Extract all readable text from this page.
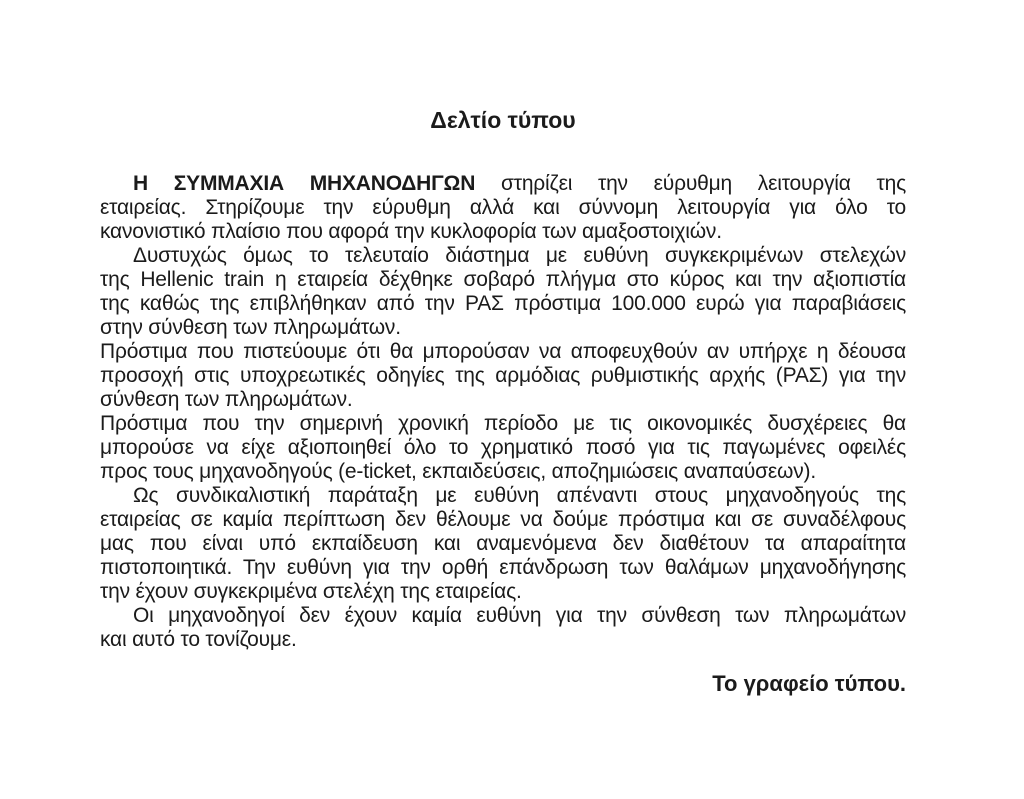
Δελτίο τύπου
Η ΣΥΜΜΑΧΙΑ ΜΗΧΑΝΟΔΗΓΩΝ στηρίζει την εύρυθμη λειτουργία της
εταιρείας. Στηρίζουμε την εύρυθμη αλλά και σύννομη λειτουργία για όλο το
κανονιστικό πλαίσιο που αφορά την κυκλοφορία των αμαξοστοιχιών.
Δυστυχώς όμως το τελευταίο διάστημα με ευθύνη συγκεκριμένων στελεχών
της Hellenic train η εταιρεία δέχθηκε σοβαρό πλήγμα στο κύρος και την αξιοπιστία
της καθώς της επιβλήθηκαν από την ΡΑΣ πρόστιμα 100.000 ευρώ για παραβιάσεις
στην σύνθεση των πληρωμάτων.
Πρόστιμα που πιστεύουμε ότι θα μπορούσαν να αποφευχθούν αν υπήρχε η δέουσα
προσοχή στις υποχρεωτικές οδηγίες της αρμόδιας ρυθμιστικής αρχής (ΡΑΣ) για την
σύνθεση των πληρωμάτων.
Πρόστιμα που την σημερινή χρονική περίοδο με τις οικονομικές δυσχέρειες θα
μπορούσε να είχε αξιοποιηθεί όλο το χρηματικό ποσό για τις παγωμένες οφειλές
προς τους μηχανοδηγούς (e-ticket, εκπαιδεύσεις, αποζημιώσεις αναπαύσεων).
Ως συνδικαλιστική παράταξη με ευθύνη απέναντι στους μηχανοδηγούς της
εταιρείας σε καμία περίπτωση δεν θέλουμε να δούμε πρόστιμα και σε συναδέλφους
μας που είναι υπό εκπαίδευση και αναμενόμενα δεν διαθέτουν τα απαραίτητα
πιστοποιητικά. Την ευθύνη για την ορθή επάνδρωση των θαλάμων μηχανοδήγησης
την έχουν συγκεκριμένα στελέχη της εταιρείας.
Οι μηχανοδηγοί δεν έχουν καμία ευθύνη για την σύνθεση των πληρωμάτων
και αυτό το τονίζουμε.
Το γραφείο τύπου.
